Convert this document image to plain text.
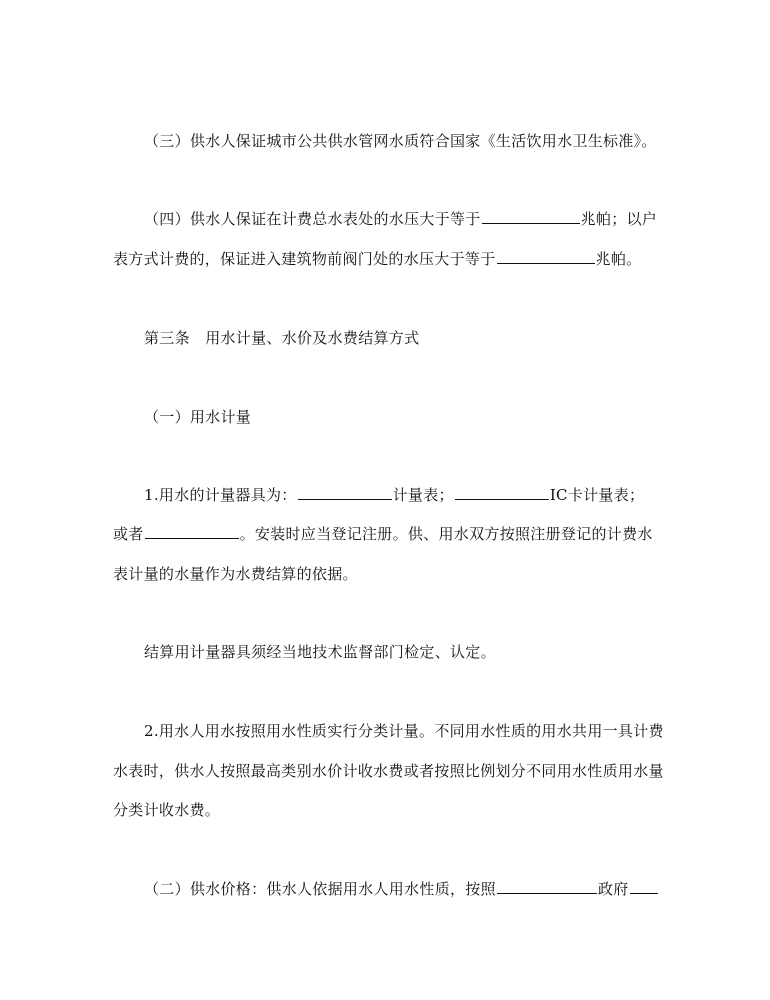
（三）供水人保证城市公共供水管网水质符合国家《生活饮用水卫生标准》。
（四）供水人保证在计费总水表处的水压大于等于	兆帕；以户
表方式计费的，保证进入建筑物前阀门处的水压大于等于	兆帕。
第三条　用水计量、水价及水费结算方式
（一）用水计量
1.用水的计量器具为：	计量表；	IC卡计量表；
或者	。安装时应当登记注册。供、用水双方按照注册登记的计费水
表计量的水量作为水费结算的依据。
结算用计量器具须经当地技术监督部门检定、认定。
2.用水人用水按照用水性质实行分类计量。不同用水性质的用水共用一具计费
水表时，供水人按照最高类别水价计收水费或者按照比例划分不同用水性质用水量
分类计收水费。
（二）供水价格：供水人依据用水人用水性质，按照	政府
